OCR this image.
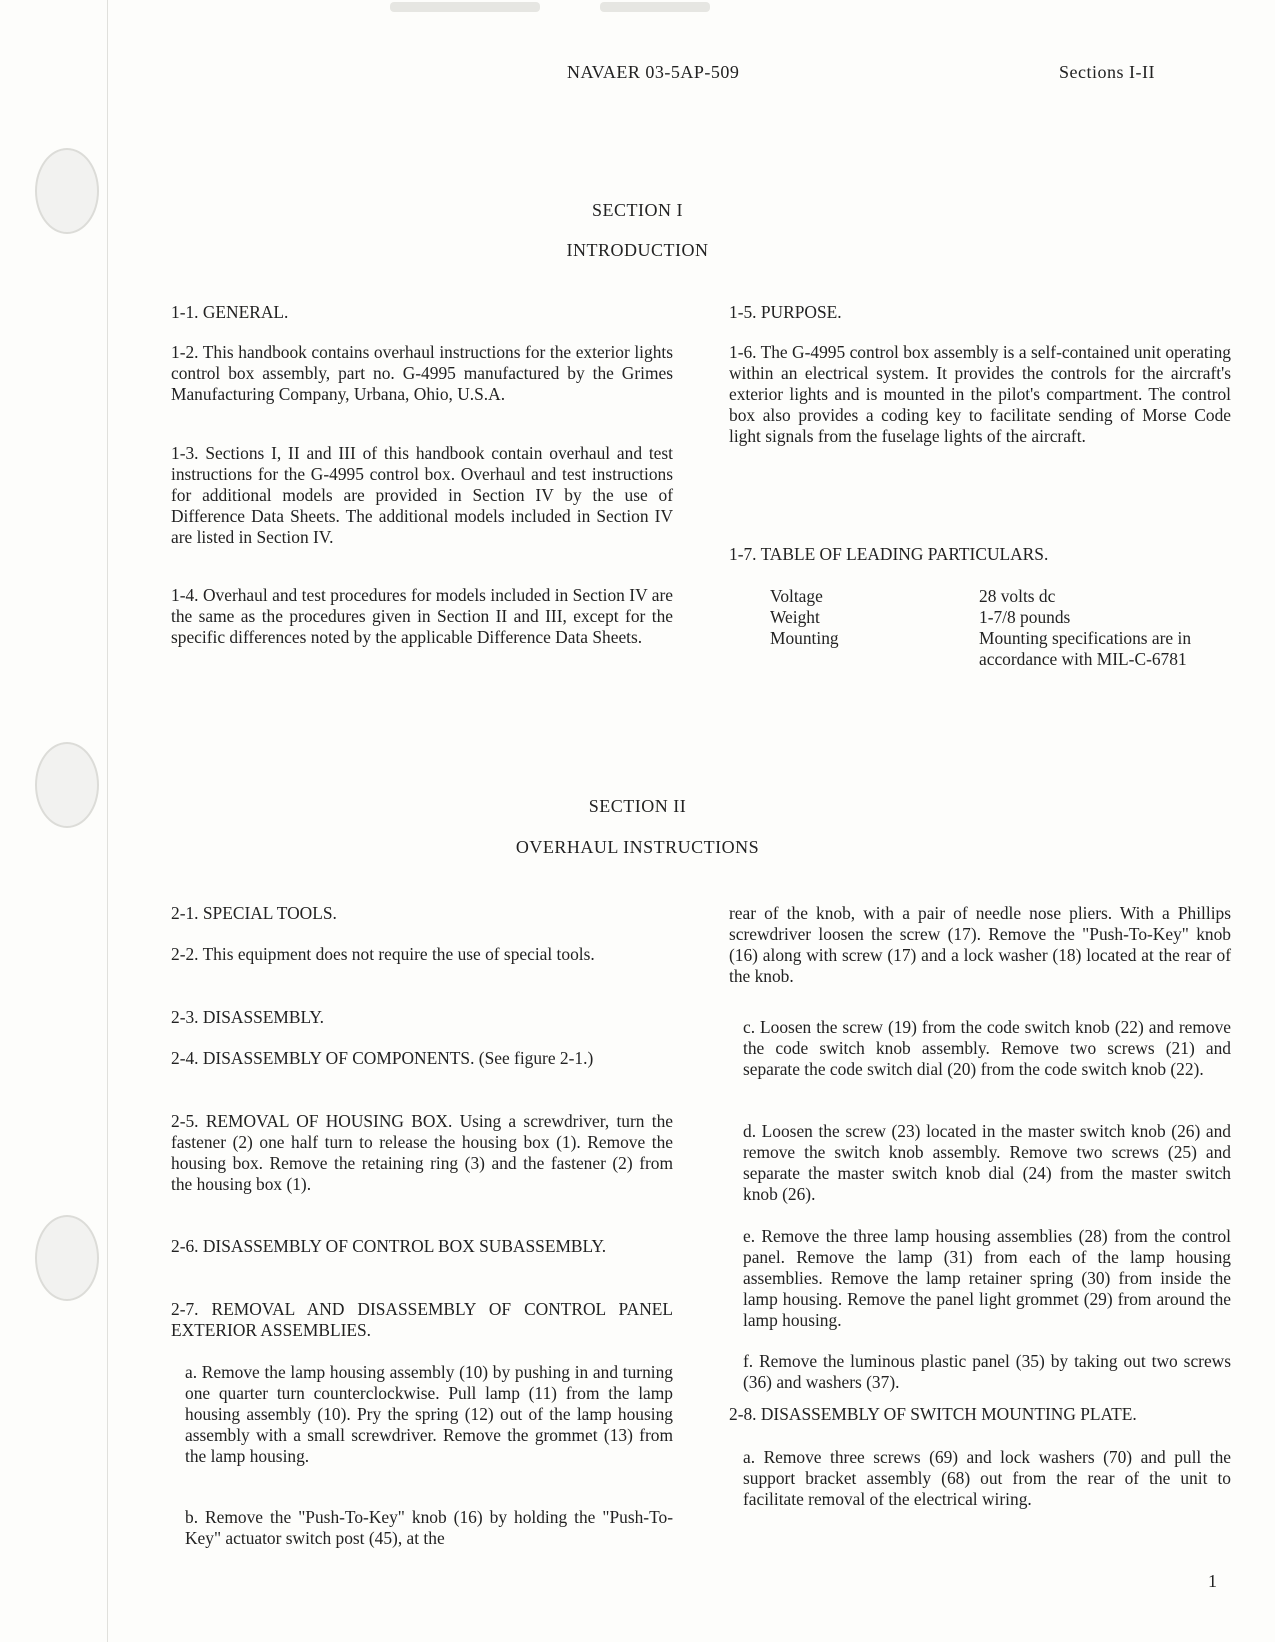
NAVAER 03-5AP-509	Sections I-II
SECTION I
INTRODUCTION

1-1. GENERAL.

1-2. This handbook contains overhaul instructions for the exterior lights control box assembly, part no. G-4995 manufactured by the Grimes Manufacturing Company, Urbana, Ohio, U.S.A.

1-3. Sections I, II and III of this handbook contain overhaul and test instructions for the G-4995 control box. Overhaul and test instructions for additional models are provided in Section IV by the use of Difference Data Sheets. The additional models included in Section IV are listed in Section IV.

1-4. Overhaul and test procedures for models included in Section IV are the same as the procedures given in Section II and III, except for the specific differences noted by the applicable Difference Data Sheets.

1-5. PURPOSE.

1-6. The G-4995 control box assembly is a self-contained unit operating within an electrical system. It provides the controls for the aircraft's exterior lights and is mounted in the pilot's compartment. The control box also provides a coding key to facilitate sending of Morse Code light signals from the fuselage lights of the aircraft.

1-7. TABLE OF LEADING PARTICULARS.

Voltage	28 volts dc
Weight	1-7/8 pounds
Mounting	Mounting specifications are in accordance with MIL-C-6781
SECTION II
OVERHAUL INSTRUCTIONS

2-1. SPECIAL TOOLS.

2-2. This equipment does not require the use of special tools.

2-3. DISASSEMBLY.

2-4. DISASSEMBLY OF COMPONENTS. (See figure 2-1.)

2-5. REMOVAL OF HOUSING BOX. Using a screwdriver, turn the fastener (2) one half turn to release the housing box (1). Remove the housing box. Remove the retaining ring (3) and the fastener (2) from the housing box (1).

2-6. DISASSEMBLY OF CONTROL BOX SUBASSEMBLY.

2-7. REMOVAL AND DISASSEMBLY OF CONTROL PANEL EXTERIOR ASSEMBLIES.

a. Remove the lamp housing assembly (10) by pushing in and turning one quarter turn counterclockwise. Pull lamp (11) from the lamp housing assembly (10). Pry the spring (12) out of the lamp housing assembly with a small screwdriver. Remove the grommet (13) from the lamp housing.

b. Remove the "Push-To-Key" knob (16) by holding the "Push-To-Key" actuator switch post (45), at the

rear of the knob, with a pair of needle nose pliers. With a Phillips screwdriver loosen the screw (17). Remove the "Push-To-Key" knob (16) along with screw (17) and a lock washer (18) located at the rear of the knob.

c. Loosen the screw (19) from the code switch knob (22) and remove the code switch knob assembly. Remove two screws (21) and separate the code switch dial (20) from the code switch knob (22).

d. Loosen the screw (23) located in the master switch knob (26) and remove the switch knob assembly. Remove two screws (25) and separate the master switch knob dial (24) from the master switch knob (26).

e. Remove the three lamp housing assemblies (28) from the control panel. Remove the lamp (31) from each of the lamp housing assemblies. Remove the lamp retainer spring (30) from inside the lamp housing. Remove the panel light grommet (29) from around the lamp housing.

f. Remove the luminous plastic panel (35) by taking out two screws (36) and washers (37).

2-8. DISASSEMBLY OF SWITCH MOUNTING PLATE.

a. Remove three screws (69) and lock washers (70) and pull the support bracket assembly (68) out from the rear of the unit to facilitate removal of the electrical wiring.

1
